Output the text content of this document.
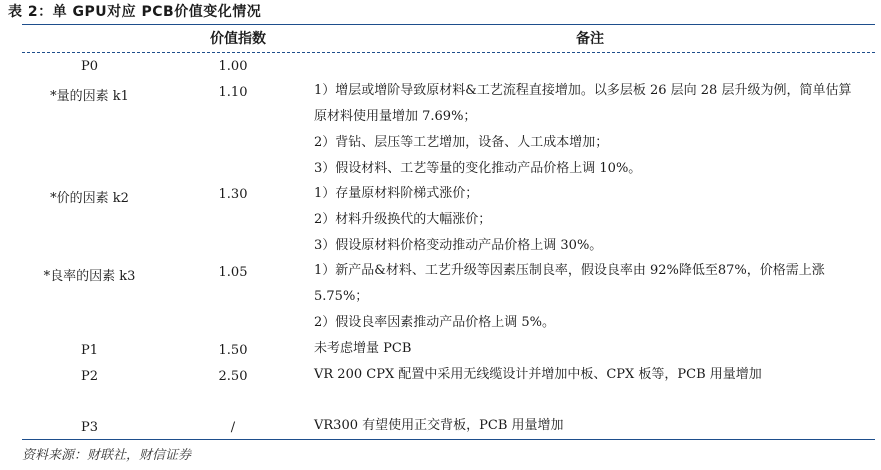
表 2：单 GPU对应 PCB价值变化情况
价值指数	备注
P0	1.00
*量的因素 k1	1.10	1）增层或增阶导致原材料&工艺流程直接增加。以多层板 26 层向 28 层升级为例，简单估算原材料使用量增加 7.69%；
2）背钻、层压等工艺增加，设备、人工成本增加；
3）假设材料、工艺等量的变化推动产品价格上调 10%。
*价的因素 k2	1.30	1）存量原材料阶梯式涨价；
2）材料升级换代的大幅涨价；
3）假设原材料价格变动推动产品价格上调 30%。
*良率的因素 k3	1.05	1）新产品&材料、工艺升级等因素压制良率，假设良率由 92%降低至87%，价格需上涨 5.75%；
2）假设良率因素推动产品价格上调 5%。
P1	1.50	未考虑增量 PCB
P2	2.50	VR 200 CPX 配置中采用无线缆设计并增加中板、CPX 板等，PCB 用量增加
P3	/	VR300 有望使用正交背板，PCB 用量增加
资料来源：财联社，财信证券
